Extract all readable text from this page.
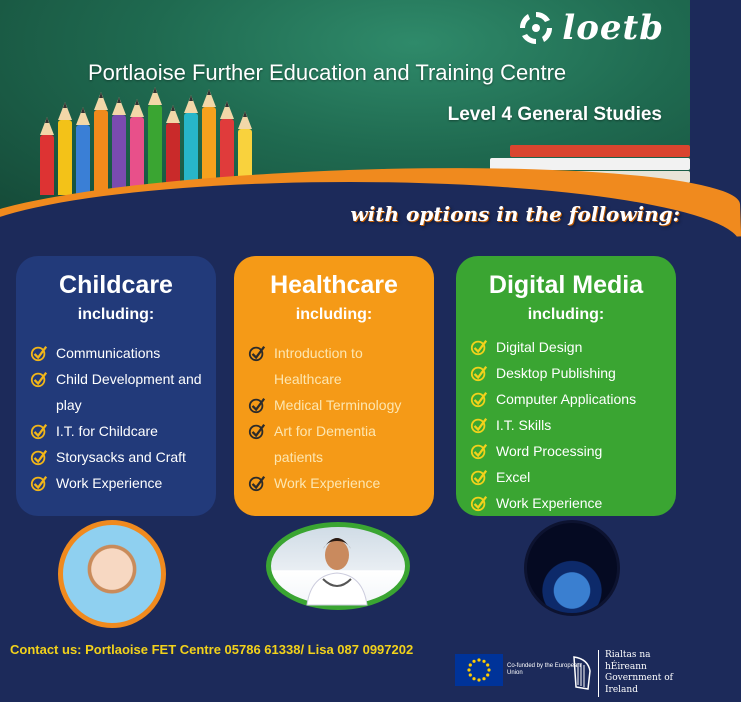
loetb
Portlaoise Further Education and Training Centre
Level 4 General Studies
with options in the following:
Childcare
including:
Communications
Child Development and play
I.T. for Childcare
Storysacks and Craft
Work Experience
Healthcare
including:
Introduction to Healthcare
Medical Terminology
Art for Dementia patients
Work Experience
Digital Media
including:
Digital Design
Desktop Publishing
Computer Applications
I.T. Skills
Word Processing
Excel
Work Experience
Contact us: Portlaoise FET Centre 05786 61338/ Lisa 087 0997202
Co-funded by the European Union
Rialtas na hÉireann
Government of Ireland
